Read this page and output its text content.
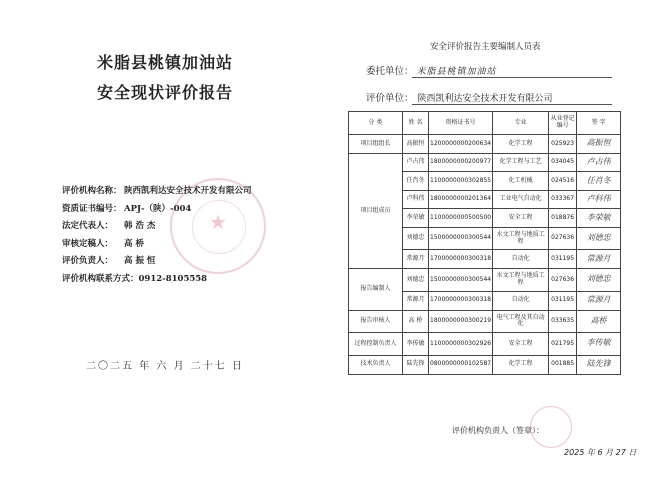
米脂县桃镇加油站
安全现状评价报告
★
评价机构名称： 陕西凯利达安全技术开发有限公司
资质证书编号： APJ-（陕）-004
法定代表人： 韩 浩 杰
审核定稿人： 高 桥
评价负责人： 高 振 恒
评价机构联系方式：0912-8105558
二〇二五 年 六 月 二十七 日
安全评价报告主要编制人员表
委托单位： 米脂县桃镇加油站
评价单位： 陕西凯利达安全技术开发有限公司
分 类	姓 名	资格证书号	专业	从业登记编号	签 字
项目组组长	高振恒	1200000000200634	化学工程	025923	高振恒
项目组成员	卢占伟	1800000000200977	化学工程与工艺	034045	卢占伟
	任肖冬	1100000000302855	化工机械	024516	任肖冬
	卢科伟	1800000000201364	工业电气自动化	033367	卢科伟
	李荣敏	1100000000500500	安全工程	018876	李荣敏
	刘德忠	1500000000300544	水文工程与地质工程	027636	刘德忠
	常源月	1700000000300318	自动化	031195	常源月
报告编制人	刘德忠	1500000000300544	水文工程与地质工程	027636	刘德忠
	常源月	1700000000300318	自动化	031195	常源月
报告审核人	高 桥	1800000000300219	电气工程及其自动化	033635	高桥
过程控制负责人	李传敏	1100000000302926	安全工程	021795	李传敏
技术负责人	陆先锋	0800000000102587	化学工程	001885	陆先锋
评价机构负责人（签章）：
2025 年 6 月 27 日
